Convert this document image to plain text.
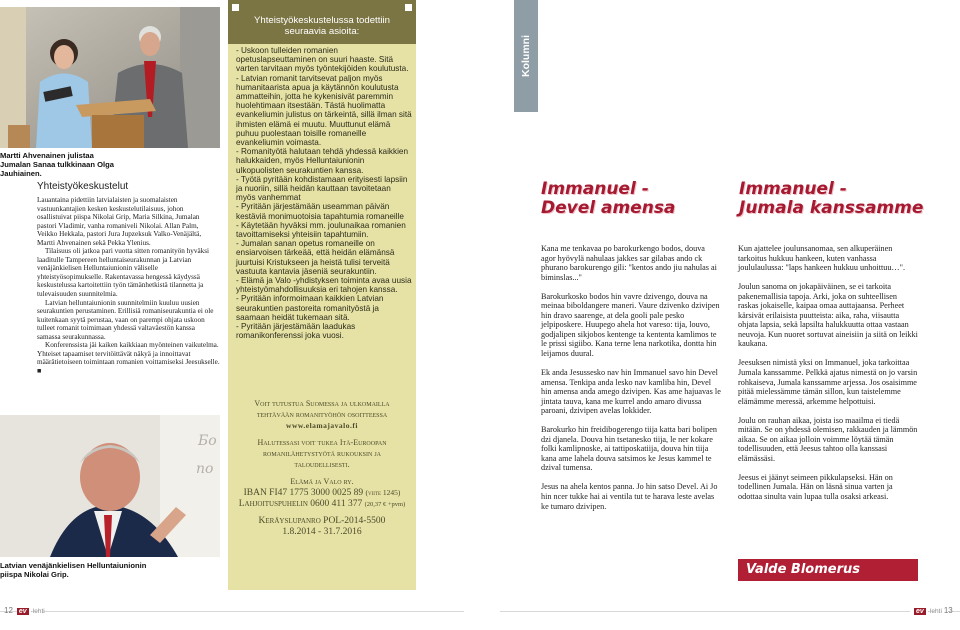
Martti Ahvenainen julistaa Jumalan Sanaa tulkkinaan Olga Jauhiainen.
Yhteistyökeskustelut

Lauantaina pidettiin latvialaisten ja suomalaisten vastuunkantajien kesken keskustelutilaisuus, johon osallistuivat piispa Nikolai Grip, Maria Silkina, Jumalan pastori Vladimir, vanha romaniveli Nikolai. Allan Palm, Veikko Hekkala, pastori Jura Jupzeksuk Valko-Venäjältä, Martti Ahvenainen sekä Pekka Ylenius.

Tilaisuus oli jatkoa pari vuotta sitten romanityön hyväksi laaditulle Tampereen helluntaiseurakunnan ja Latvian venäjänkielisen Helluntaiunionin väliselle yhteistyösopimukselle. Rakentavassa hengessä käydyssä keskustelussa kartoitettiin työn tämänhetkistä tilannetta ja tulevaisuuden suunnitelmia.

Latvian helluntaiunionin suunnitelmiin kuuluu uusien seurakuntien perustaminen. Erillisiä romaniseurakuntia ei ole kuitenkaan syytä perustaa, vaan on parempi ohjata uskoon tulleet romanit toimimaan yhdessä valtaväestön kanssa samassa seurakunnassa.

Konferenssista jäi kaiken kaikkiaan myönteinen vaikutelma. Yhteiset tapaamiset tervitöittävät näkyä ja innoittavat määrätietoiseen toimintaan romanien voittamiseksi Jeesukselle. ■

Бо
по
Latvian venäjänkielisen Helluntaiunionin piispa Nikolai Grip.
Yhteistyökeskustelussa todettiin
seuraavia asioita:
- Uskoon tulleiden romanien opetuslapseuttaminen on suuri haaste. Sitä varten tarvitaan myös työntekijöiden koulutusta.
- Latvian romanit tarvitsevat paljon myös humanitaarista apua ja käytännön koulutusta ammatteihin, jotta he kykenisivät paremmin huolehtimaan itsestään. Tästä huolimatta evankeliumin julistus on tärkeintä, sillä ilman sitä ihmisten elämä ei muutu. Muuttunut elämä puhuu puolestaan toisille romaneille evankeliumin voimasta.
- Romanityötä halutaan tehdä yhdessä kaikkien halukkaiden, myös Helluntaiunionin ulkopuolisten seurakuntien kanssa.
- Työtä pyritään kohdistamaan erityisesti lapsiin ja nuoriin, sillä heidän kauttaan tavoitetaan myös vanhemmat
- Pyritään järjestämään useamman päivän kestäviä monimuotoisia tapahtumia romaneille
- Käytetään hyväksi mm. joulunaikaa romanien tavoittamiseksi yhteisiin tapahtumiin.
- Jumalan sanan opetus romaneille on ensiarvoisen tärkeää, että heidän elämänsä juurtuisi Kristukseen ja heistä tulisi terveitä vastuuta kantavia jäseniä seurakuntiin.
- Elämä ja Valo -yhdistyksen toiminta avaa uusia yhteistyömahdollisuuksia eri tahojen kanssa.
- Pyritään informoimaan kaikkien Latvian seurakuntien pastoreita romanityöstä ja saamaan heidät tukemaan sitä.
- Pyritään järjestämään laadukas romanikonferenssi joka vuosi.
Voit tutustua Suomessa ja ulkomailla
tehtävään romanityöhön osoitteessa
www.elamajavalo.fi
Halutessasi voit tukea Itä-Euroopan
romanilähetystyötä rukouksin ja
taloudellisesti.
Elämä ja Valo ry.
IBAN FI47 1775 3000 0025 89 (viite 1245)
Lahjoituspuhelin 0600 411 377 (20,37 € +pvm)
Keräyslupanro POL-2014-5500
1.8.2014 - 31.7.2016
Kolumni
Immanuel -
Devel amensa
Immanuel -
Jumala kanssamme

Kana me tenkavaa po barokurkengo bodos, douva agor hyövylä nahulaas jakkes sar gilabas ando ck phurano barokurengo gili: "kentos ando jiu nahulas ai biminslas..."

Barokurkosko bodos hin vavre dzivengo, douva na meinaa biboldangere maneri. Vaure dzivenko dzivipen hin dravo saarenge, at dela gooli pale pesko jelpiposkere. Huupego ahela hot vareso: tija, louvo, godjalipen sikjobos kentenge ta kententa kamlimos te le prissi sigiibo. Kana terne lena narkotika, dontta hin leijamos duural.

Ek anda Jesussesko nav hin Immanuel savo hin Devel amensa. Tenkipa anda lesko nav kamliba hin, Devel hin amensa anda amego dzivipen. Kas ame hajuavas le jintata tauva, kana me kurrel ando amaro divussa paroani, dzivipen avelas lokkider.

Barokurko hin freidibogerengo tiija katta bari bolipen dzi djanela. Douva hin tsetanesko tiija, le ner kokare folki kamlipnoske, ai tattiposkatiija, douva hin tiija kana ame lahela douva satsimos ke Jesus kammel te dzival tumensa.

Jesus na ahela kentos panna. Jo hin satso Devel. Ai Jo hin ncer tukke hai ai ventila tut te harava leste avelas ke tumaro dzivipen.

Kun ajattelee joulunsanomaa, sen alkuperäinen tarkoitus hukkuu hankeen, kuten vanhassa joululaulussa: "laps hankeen hukkuu unhoittuu…".

Joulun sanoma on jokapäiväinen, se ei tarkoita pakenemallisia tapoja. Arki, joka on suhteellisen raskas jokaiselle, kaipaa omaa auttajaansa. Perheet kärsivät erilaisista puutteista: aika, raha, viisautta ohjata lapsia, sekä lapsilta halukkuutta ottaa vastaan neuvoja. Kun nuoret sortuvat aineisiin ja siitä on leikki kaukana.

Jeesuksen nimistä yksi on Immanuel, joka tarkoittaa Jumala kanssamme. Pelkkä ajatus nimestä on jo varsin rohkaiseva, Jumala kanssamme arjessa. Jos osaisimme pitää mielessämme tämän sillon, kun taistelemme elämämme meressä, arkemme helpottuisi.

Joulu on rauhan aikaa, joista iso maailma ei tiedä mitään. Se on yhdessä olemisen, rakkauden ja lämmön aikaa. Se on aikaa jolloin voimme löytää tämän todellisuuden, että Jeesus tahtoo olla kanssasi elämässäsi.

Jeesus ei jäänyt seimeen pikkulapseksi. Hän on todellinen Jumala. Hän on läsnä sinua varten ja odottaa sinulta vain lupaa tulla osaksi arkeasi.

Valde Blomerus
12 ev -lehti	ev -lehti 13
